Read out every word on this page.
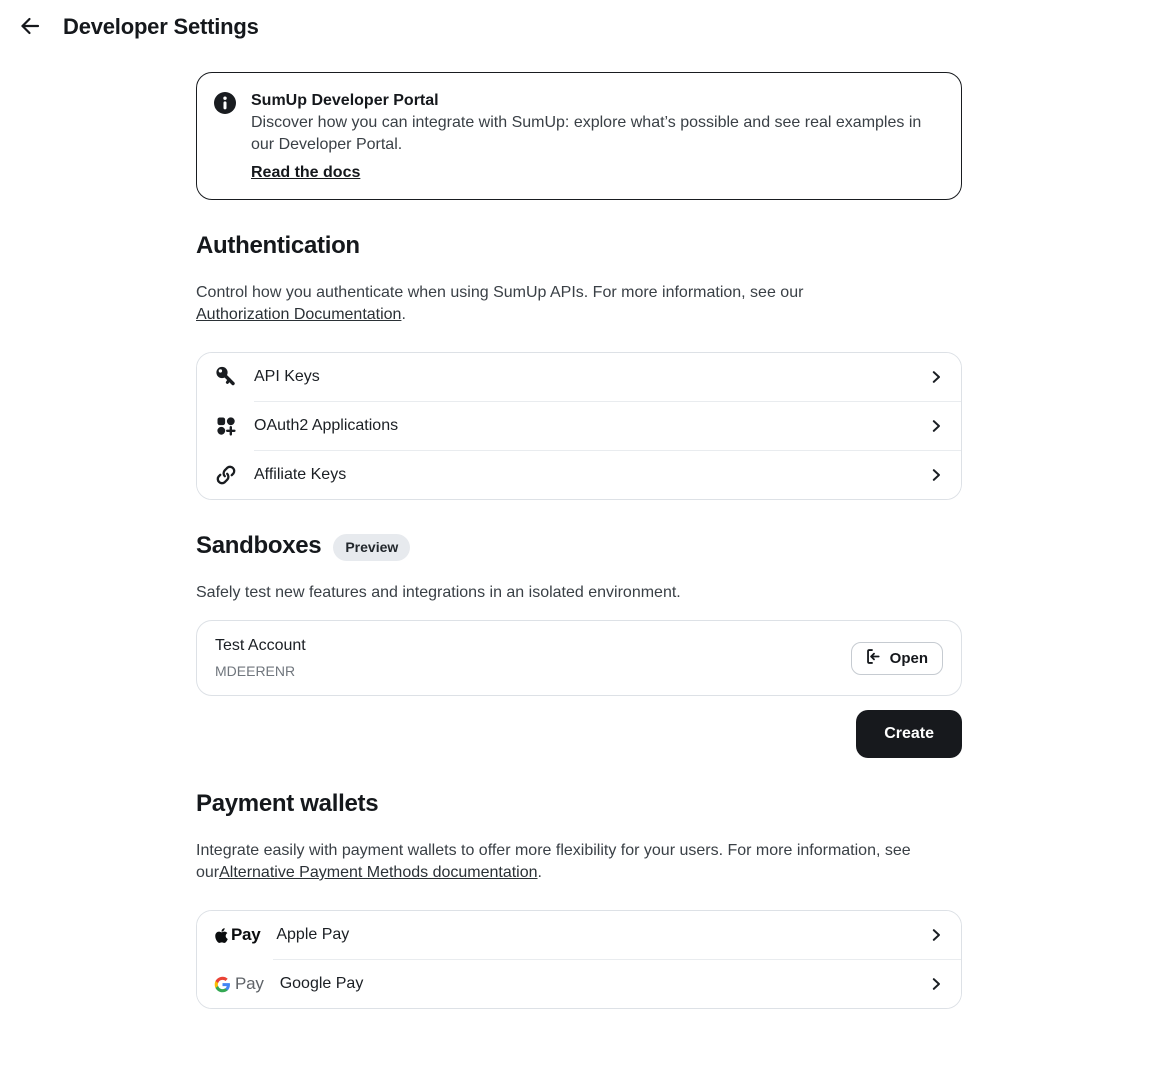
Developer Settings
SumUp Developer Portal

Discover how you can integrate with SumUp: explore what’s possible and see real examples in our Developer Portal.

Read the docs
Authentication

Control how you authenticate when using SumUp APIs. For more information, see our Authorization Documentation.

API Keys
OAuth2 Applications
Affiliate Keys
Sandboxes	Preview

Safely test new features and integrations in an isolated environment.

Test Account
MDEERENR
Open
Create
Payment wallets

Integrate easily with payment wallets to offer more flexibility for your users. For more information, see ourAlternative Payment Methods documentation.

Pay Apple Pay
Pay Google Pay
